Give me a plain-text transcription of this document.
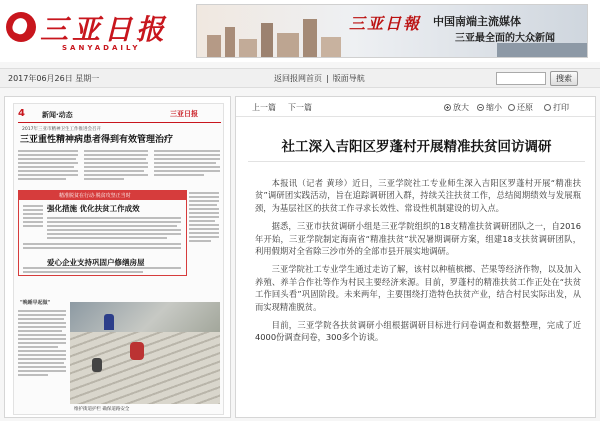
三亚日报
SANYADAILY
三亚日報 中国南端主流媒体
三亚最全面的大众新闻
2017年06月26日 星期一	返回报网首页 | 版面导航	搜索
4 新闻·动态	三亚日报
2017年三亚市精神卫生工作推进会召开
三亚重性精神病患者得到有效管理治疗
精准脱贫在行动·脱贫攻坚正当时
强化措施 优化扶贫工作成效
爱心企业支持巩固户修缮房屋
"晚睡早起做"
维护街道护栏 确保道路安全
上一篇 下一篇	放大	缩小	还原	打印
社工深入吉阳区罗蓬村开展精准扶贫回访调研

本报讯（记者 黄珍）近日，三亚学院社工专业师生深入吉阳区罗蓬村开展“精准扶贫”调研团实践活动，旨在追踪调研团入群，持续关注扶贫工作，总结阅期绩效与发展瓶颈，为基层社区的扶贫工作寻求长效性、常设性机制建设的切入点。

据悉，三亚市扶贫调研小组是三亚学院组织的18支精准扶贫调研团队之一，自2016年开始，三亚学院制定海南省“精准扶贫”状况暑期调研方案，组建18支扶贫调研团队，利用假期对全省除三沙市外的全部市县开展实地调研。

三亚学院社工专业学生通过走访了解，该村以种植槟榔、芒果等经济作物，以及加入养殖、养羊合作社等作为村民主要经济来源。目前，罗蓬村的精准扶贫工作正处在“扶贫工作回头看”巩固阶段。未来两年，主要围绕打造特色扶贫产业，结合村民实际出发，从而实现精准脱贫。

目前，三亚学院各扶贫调研小组根据调研目标进行问卷调查和数据整理，完成了近4000份调查问卷，300多个访谈。
